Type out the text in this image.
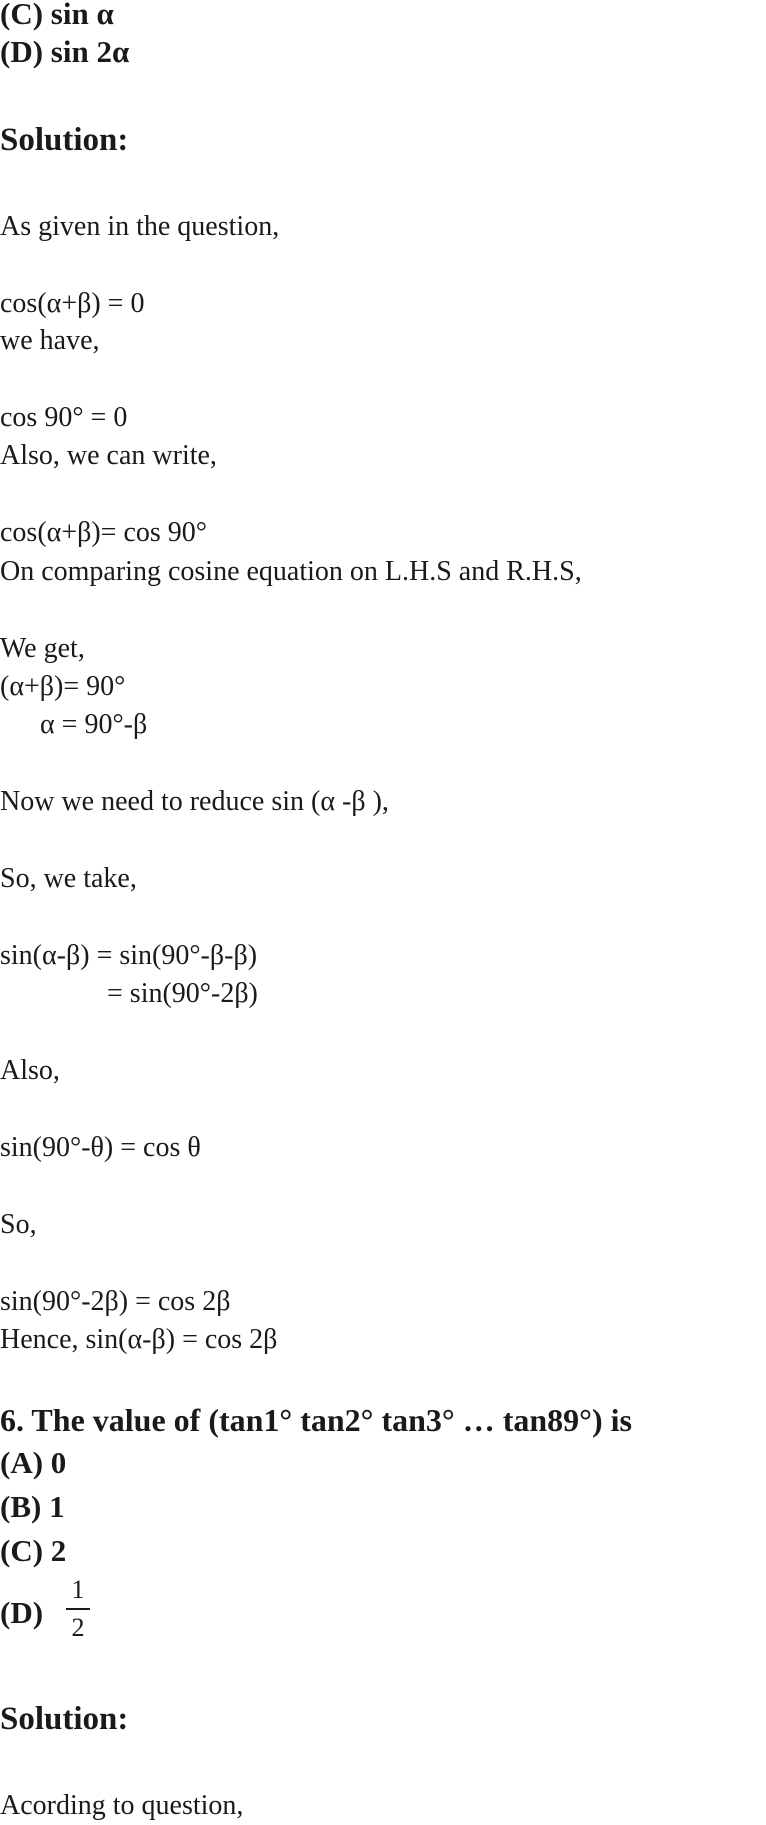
(C) sin α
(D) sin 2α
Solution:
As given in the question,
cos(α+β) = 0
we have,
cos 90° = 0
Also, we can write,
cos(α+β)= cos 90°
On comparing cosine equation on L.H.S and R.H.S,
We get,
(α+β)= 90°
α = 90°-β
Now we need to reduce sin (α -β ),
So, we take,
sin(α-β) = sin(90°-β-β)
= sin(90°-2β)
Also,
sin(90°-θ) = cos θ
So,
sin(90°-2β) = cos 2β
Hence, sin(α-β) = cos 2β
6. The value of (tan1° tan2° tan3° … tan89°) is
(A) 0
(B) 1
(C) 2
(D)
1
2
Solution:
Acording to question,
